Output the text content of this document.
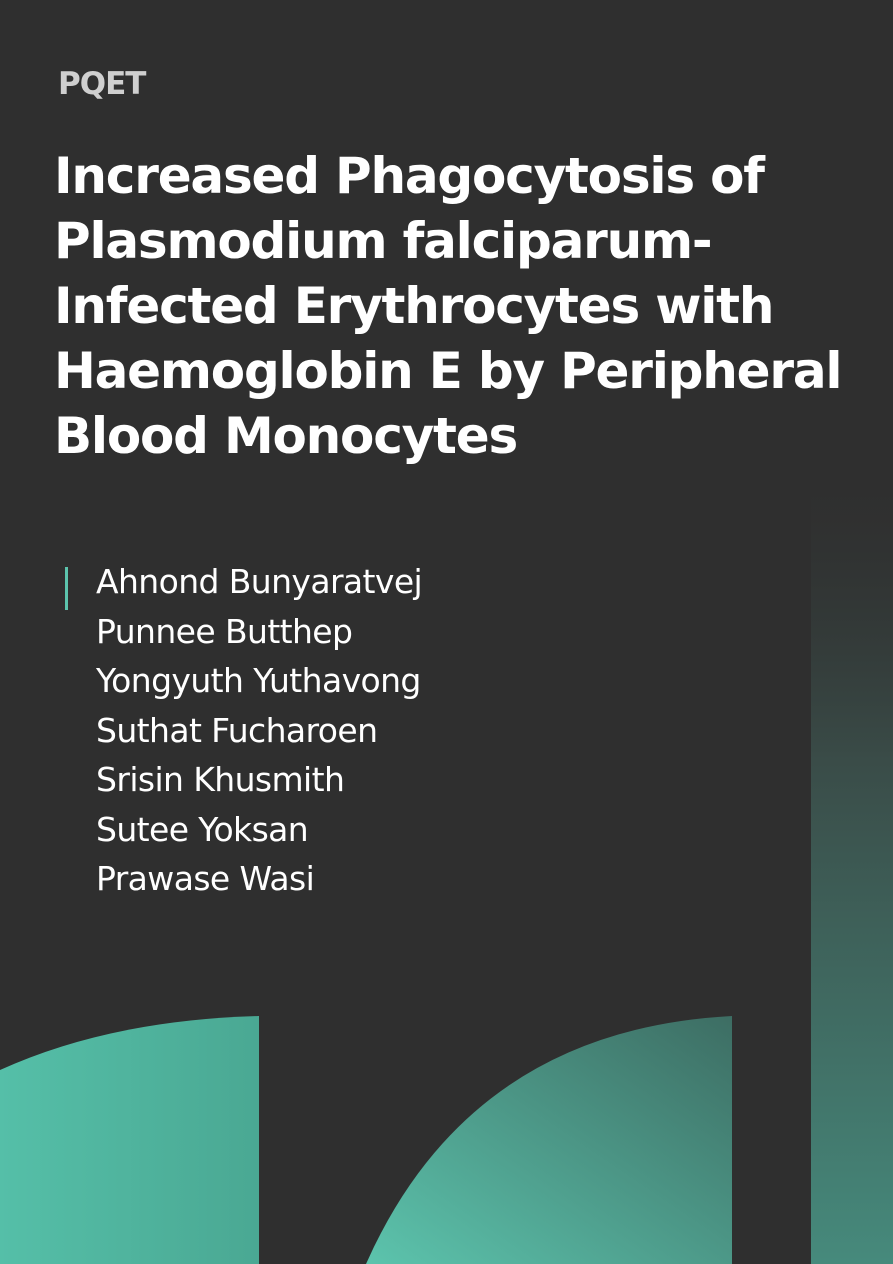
PQET
Increased Phagocytosis of Plasmodium falciparum-Infected Erythrocytes with Haemoglobin E by Peripheral Blood Monocytes
Ahnond Bunyaratvej
Punnee Butthep
Yongyuth Yuthavong
Suthat Fucharoen
Srisin Khusmith
Sutee Yoksan
Prawase Wasi
